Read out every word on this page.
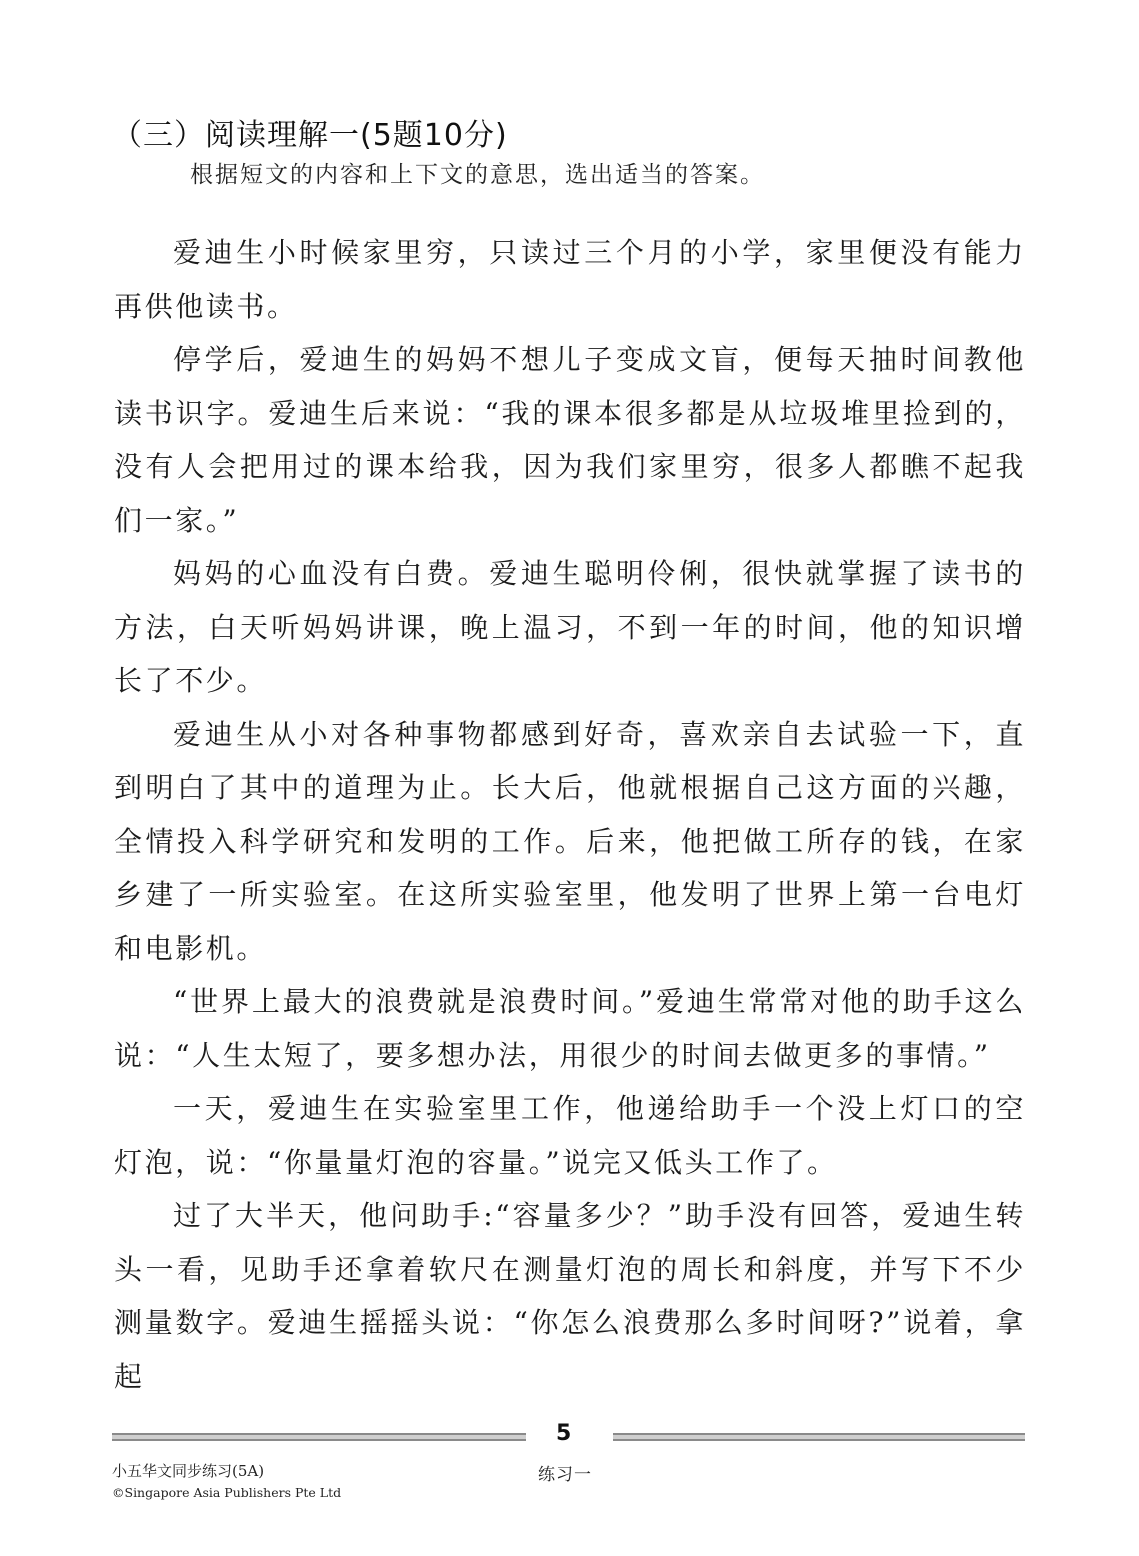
（三）阅读理解一(5题10分)
根据短文的内容和上下文的意思，选出适当的答案。

爱迪生小时候家里穷，只读过三个月的小学，家里便没有能力再供他读书。

停学后，爱迪生的妈妈不想儿子变成文盲，便每天抽时间教他读书识字。爱迪生后来说：“我的课本很多都是从垃圾堆里捡到的，没有人会把用过的课本给我，因为我们家里穷，很多人都瞧不起我们一家。”

妈妈的心血没有白费。爱迪生聪明伶俐，很快就掌握了读书的方法，白天听妈妈讲课，晚上温习，不到一年的时间，他的知识增长了不少。

爱迪生从小对各种事物都感到好奇，喜欢亲自去试验一下，直到明白了其中的道理为止。长大后，他就根据自己这方面的兴趣，全情投入科学研究和发明的工作。后来，他把做工所存的钱，在家乡建了一所实验室。在这所实验室里，他发明了世界上第一台电灯和电影机。

“世界上最大的浪费就是浪费时间。”爱迪生常常对他的助手这么说：“人生太短了，要多想办法，用很少的时间去做更多的事情。”

一天，爱迪生在实验室里工作，他递给助手一个没上灯口的空灯泡，说：“你量量灯泡的容量。”说完又低头工作了。

过了大半天，他问助手:“容量多少？”助手没有回答，爱迪生转头一看，见助手还拿着软尺在测量灯泡的周长和斜度，并写下不少测量数字。爱迪生摇摇头说：“你怎么浪费那么多时间呀?”说着，拿起

5
小五华文同步练习(5A)
©Singapore Asia Publishers Pte Ltd
练习一
